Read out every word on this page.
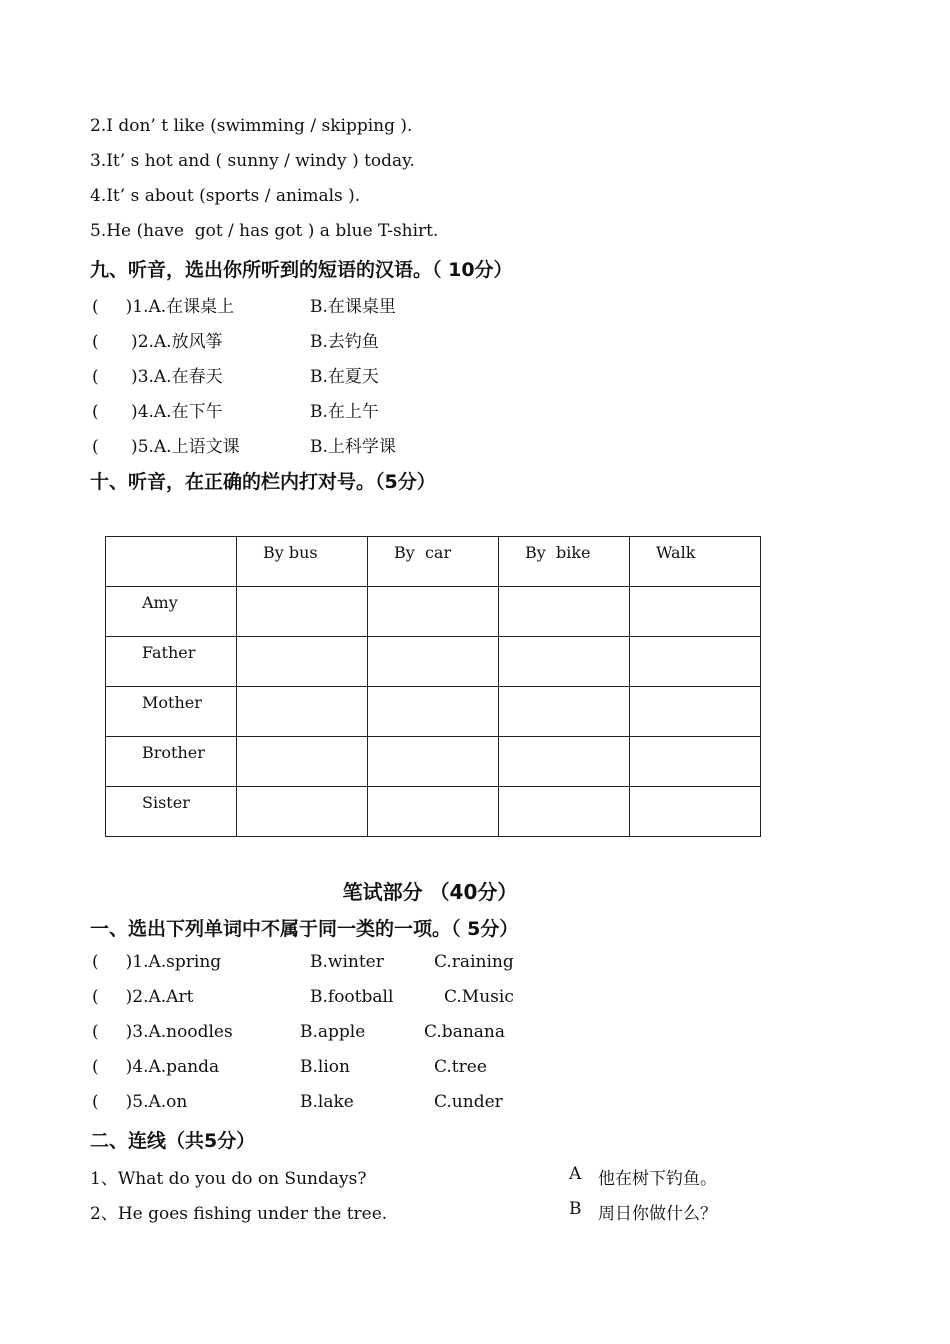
2.I don’ t like (swimming / skipping ).
3.It’ s hot and ( sunny / windy ) today.
4.It’ s about (sports / animals ).
5.He (have  got / has got ) a blue T-shirt.
九、听音，选出你所听到的短语的汉语。（ 10分）
(     )1.A.在课桌上	B.在课桌里
(      )2.A.放风筝	B.去钓鱼
(      )3.A.在春天	B.在夏天
(      )4.A.在下午	B.在上午
(      )5.A.上语文课	B.上科学课
十、听音，在正确的栏内打对号。（5分）

	By bus	By  car	By  bike	Walk

Amy				

Father				

Mother				

Brother				

Sister				

笔试部分 （40分）
一、选出下列单词中不属于同一类的一项。（ 5分）
(     )1.A.spring	B.winter	C.raining
(     )2.A.Art	B.football	C.Music
(     )3.A.noodles	B.apple	C.banana
(     )4.A.panda	B.lion	C.tree
(     )5.A.on	B.lake	C.under
二、连线（共5分）
1、What do you do on Sundays?	A 他在树下钓鱼。
2、He goes fishing under the tree.	B 周日你做什么？
